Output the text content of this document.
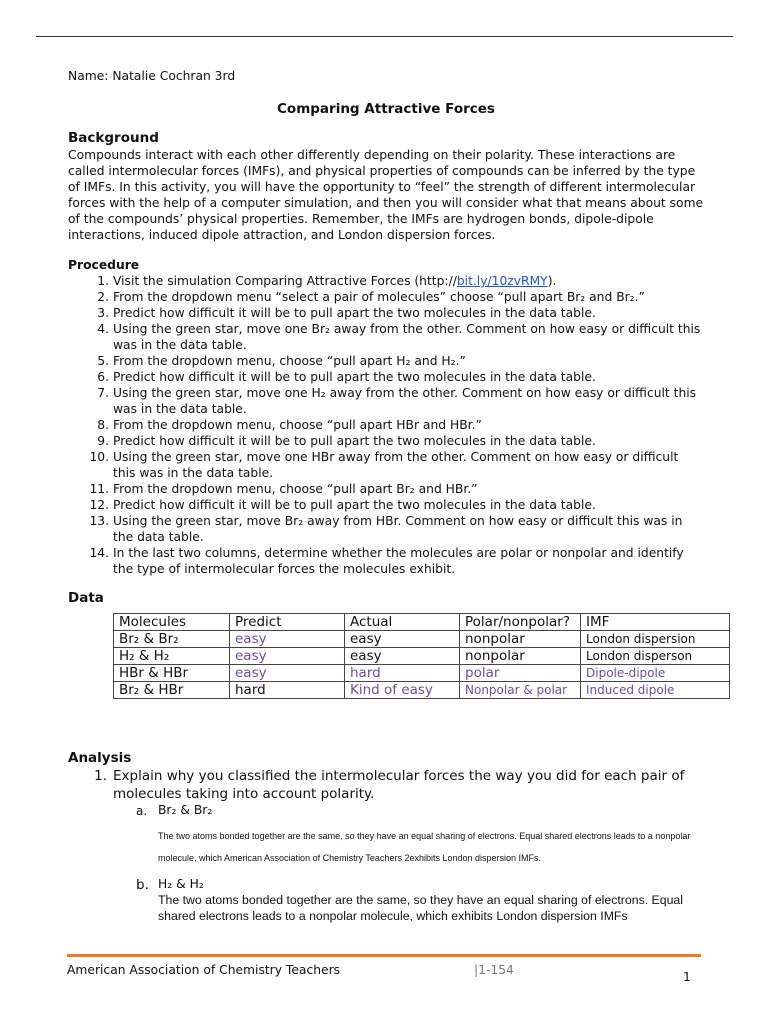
Name: Natalie Cochran 3rd

Comparing Attractive Forces
Background

Compounds interact with each other differently depending on their polarity. These interactions are called intermolecular forces (IMFs), and physical properties of compounds can be inferred by the type of IMFs. In this activity, you will have the opportunity to “feel” the strength of different intermolecular forces with the help of a computer simulation, and then you will consider what that means about some of the compounds’ physical properties. Remember, the IMFs are hydrogen bonds, dipole-dipole interactions, induced dipole attraction, and London dispersion forces.

Procedure
1. Visit the simulation Comparing Attractive Forces (http://bit.ly/10zvRMY).
2. From the dropdown menu “select a pair of molecules” choose “pull apart Br₂ and Br₂.”
3. Predict how difficult it will be to pull apart the two molecules in the data table.
4. Using the green star, move one Br₂ away from the other. Comment on how easy or difficult this was in the data table.
5. From the dropdown menu, choose “pull apart H₂ and H₂.”
6. Predict how difficult it will be to pull apart the two molecules in the data table.
7. Using the green star, move one H₂ away from the other. Comment on how easy or difficult this was in the data table.
8. From the dropdown menu, choose “pull apart HBr and HBr.”
9. Predict how difficult it will be to pull apart the two molecules in the data table.
10. Using the green star, move one HBr away from the other. Comment on how easy or difficult this was in the data table.
11. From the dropdown menu, choose “pull apart Br₂ and HBr.”
12. Predict how difficult it will be to pull apart the two molecules in the data table.
13. Using the green star, move Br₂ away from HBr. Comment on how easy or difficult this was in the data table.
14. In the last two columns, determine whether the molecules are polar or nonpolar and identify the type of intermolecular forces the molecules exhibit.
Data
Molecules	Predict	Actual	Polar/nonpolar?	IMF
Br₂ & Br₂	easy	easy	nonpolar	London dispersion
H₂ & H₂	easy	easy	nonpolar	London disperson
HBr & HBr	easy	hard	polar	Dipole-dipole
Br₂ & HBr	hard	Kind of easy	Nonpolar & polar	Induced dipole
Analysis
1. Explain why you classified the intermolecular forces the way you did for each pair of molecules taking into account polarity.
a. Br₂ & Br₂
The two atoms bonded together are the same, so they have an equal sharing of electrons. Equal shared electrons leads to a nonpolar molecule, which American Association of Chemistry Teachers 2exhibits London dispersion IMFs.
b. H₂ & H₂
The two atoms bonded together are the same, so they have an equal sharing of electrons. Equal shared electrons leads to a nonpolar molecule, which exhibits London dispersion IMFs
American Association of Chemistry Teachers	|1-154	1
